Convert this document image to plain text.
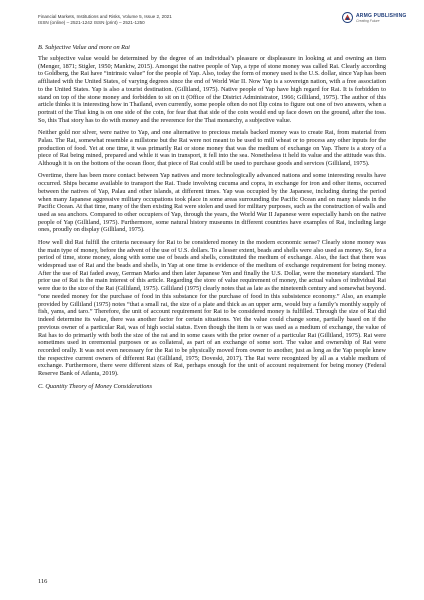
Financial Markets, Institutions and Risks, Volume 5, Issue 2, 2021
ISSN (online) – 2521-1242 ISSN (print) – 2521-1250
ARMG PUBLISHING
Creating Future
B. Subjective Value and more on Rai

The subjective value would be determined by the degree of an individual’s pleasure or displeasure in looking at and owning an item (Menger, 1871; Stigler, 1950; Mankiw, 2015). Amongst the native people of Yap, a type of stone money was called Rai. Clearly according to Goldberg, the Rai have “intrinsic value” for the people of Yap. Also, today the form of money used is the U.S. dollar, since Yap has been affiliated with the United States, of varying degrees since the end of World War II. Now Yap is a sovereign nation, with a free association to the United States. Yap is also a tourist destination. (Gilliland, 1975). Native people of Yap have high regard for Rai. It is forbidden to stand on top of the stone money and forbidden to sit on it (Office of the District Administrator, 1966; Gilliland, 1975). The author of this article thinks it is interesting how in Thailand, even currently, some people often do not flip coins to figure out one of two answers, when a portrait of the Thai king is on one side of the coin, for fear that that side of the coin would end up face down on the ground, after the toss. So, this Thai story has to do with money and the reverence for the Thai monarchy, a subjective value.

Neither gold nor silver, were native to Yap, and one alternative to precious metals backed money was to create Rai, from material from Palau. The Rai, somewhat resemble a millstone but the Rai were not meant to be used to mill wheat or to process any other inputs for the production of food. Yet at one time, it was primarily Rai or stone money that was the medium of exchange on Yap. There is a story of a piece of Rai being mined, prepared and while it was in transport, it fell into the sea. Nonetheless it held its value and the attitude was this. Although it is on the bottom of the ocean floor, that piece of Rai could still be used to purchase goods and services (Gilliland, 1975).

Overtime, there has been more contact between Yap natives and more technologically advanced nations and some interesting results have occurred. Ships became available to transport the Rai. Trade involving cucuma and copra, in exchange for iron and other items, occurred between the natives of Yap, Palau and other islands, at different times. Yap was occupied by the Japanese, including during the period when many Japanese aggressive military occupations took place in some areas surrounding the Pacific Ocean and on many islands in the Pacific Ocean. At that time, many of the then existing Rai were stolen and used for military purposes, such as the construction of walls and used as sea anchors. Compared to other occupiers of Yap, through the years, the World War II Japanese were especially harsh on the native people of Yap (Gilliland, 1975). Furthermore, some natural history museums in different countries have examples of Rai, including large ones, proudly on display (Gilliland, 1975).

How well did Rai fulfill the criteria necessary for Rai to be considered money in the modern economic sense? Clearly stone money was the main type of money, before the advent of the use of U.S. dollars. To a lesser extent, beads and shells were also used as money. So, for a period of time, stone money, along with some use of beads and shells, constituted the medium of exchange. Also, the fact that there was widespread use of Rai and the beads and shells, in Yap at one time is evidence of the medium of exchange requirement for being money. After the use of Rai faded away, German Marks and then later Japanese Yen and finally the U.S. Dollar, were the monetary standard. The prior use of Rai is the main interest of this article. Regarding the store of value requirement of money, the actual values of individual Rai were due to the size of the Rai (Gilliland, 1975). Gilliland (1975) clearly notes that as late as the nineteenth century and somewhat beyond. “one needed money for the purchase of food in this substance for the purchase of food in this subsistence economy.” Also, an example provided by Gilliland (1975) notes “that a small rai, the size of a plate and thick as an upper arm, would buy a family’s monthly supply of fish, yams, and taro.” Therefore, the unit of account requirement for Rai to be considered money is fulfilled. Through the size of Rai did indeed determine its value, there was another factor for certain situations. Yet the value could change some, partially based on if the previous owner of a particular Rai, was of high social status. Even though the item is or was used as a medium of exchange, the value of Rai has to do primarily with both the size of the rai and in some cases with the prior owner of a particular Rai (Gilliland, 1975). Rai were sometimes used in ceremonial purposes or as collateral, as part of an exchange of some sort. The value and ownership of Rai were recorded orally. It was not even necessary for the Rai to be physically moved from owner to another, just as long as the Yap people knew the respective current owners of different Rai (Gilliland, 1975; Doveski, 2017). The Rai were recognized by all as a viable medium of exchange. Furthermore, there were different sizes of Rai, perhaps enough for the unit of account requirement for being money (Federal Reserve Bank of Atlanta, 2019).

C. Quantity Theory of Money Considerations
116
